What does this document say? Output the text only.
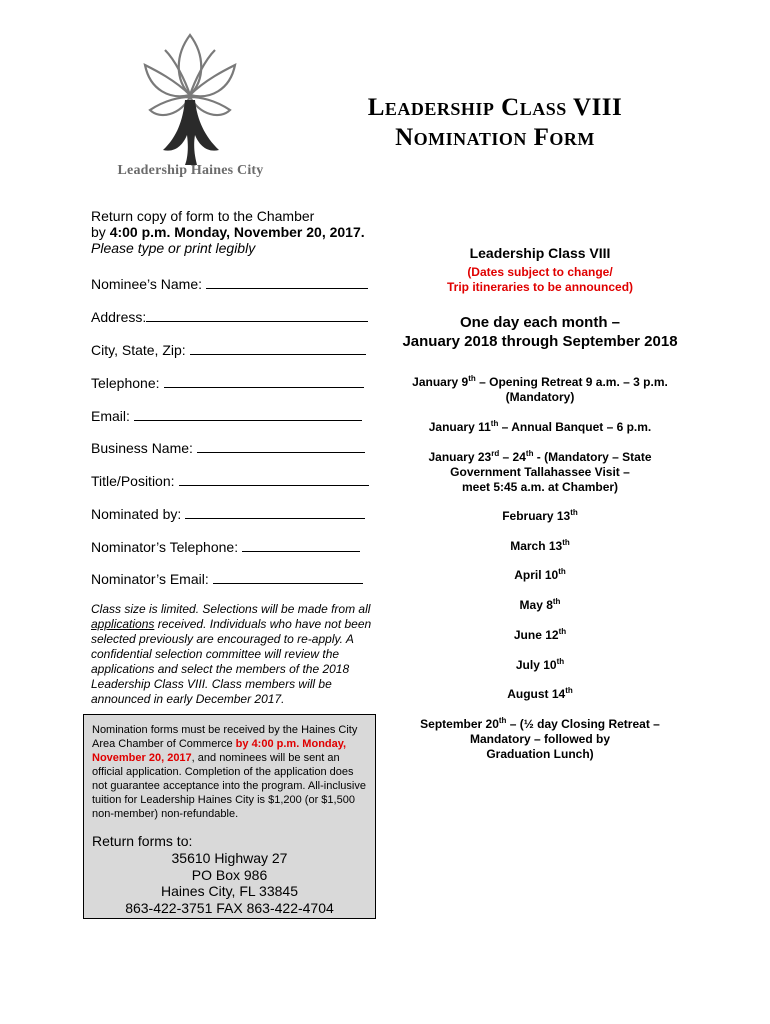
Leadership Haines City
Leadership Class VIII
Nomination Form
Return copy of form to the Chamber
by 4:00 p.m. Monday, November 20, 2017.
Please type or print legibly
Nominee’s Name:
Address:
City, State, Zip:
Telephone:
Email:
Business Name:
Title/Position:
Nominated by:
Nominator’s Telephone:
Nominator’s Email:
Class size is limited. Selections will be made from all applications received. Individuals who have not been selected previously are encouraged to re-apply. A confidential selection committee will review the applications and select the members of the 2018 Leadership Class VIII. Class members will be announced in early December 2017.
Nomination forms must be received by the Haines City Area Chamber of Commerce by 4:00 p.m. Monday, November 20, 2017, and nominees will be sent an official application. Completion of the application does not guarantee acceptance into the program. All-inclusive tuition for Leadership Haines City is $1,200 (or $1,500 non-member) non-refundable.
Return forms to:
35610 Highway 27
PO Box 986
Haines City, FL 33845
863-422-3751 FAX 863-422-4704
Leadership Class VIII
(Dates subject to change/
Trip itineraries to be announced)
One day each month –
January 2018 through September 2018
January 9th – Opening Retreat 9 a.m. – 3 p.m.
(Mandatory)
January 11th – Annual Banquet – 6 p.m.
January 23rd – 24th - (Mandatory – State
Government Tallahassee Visit –
meet 5:45 a.m. at Chamber)
February 13th
March 13th
April 10th
May 8th
June 12th
July 10th
August 14th
September 20th – (½ day Closing Retreat –
Mandatory – followed by
Graduation Lunch)
